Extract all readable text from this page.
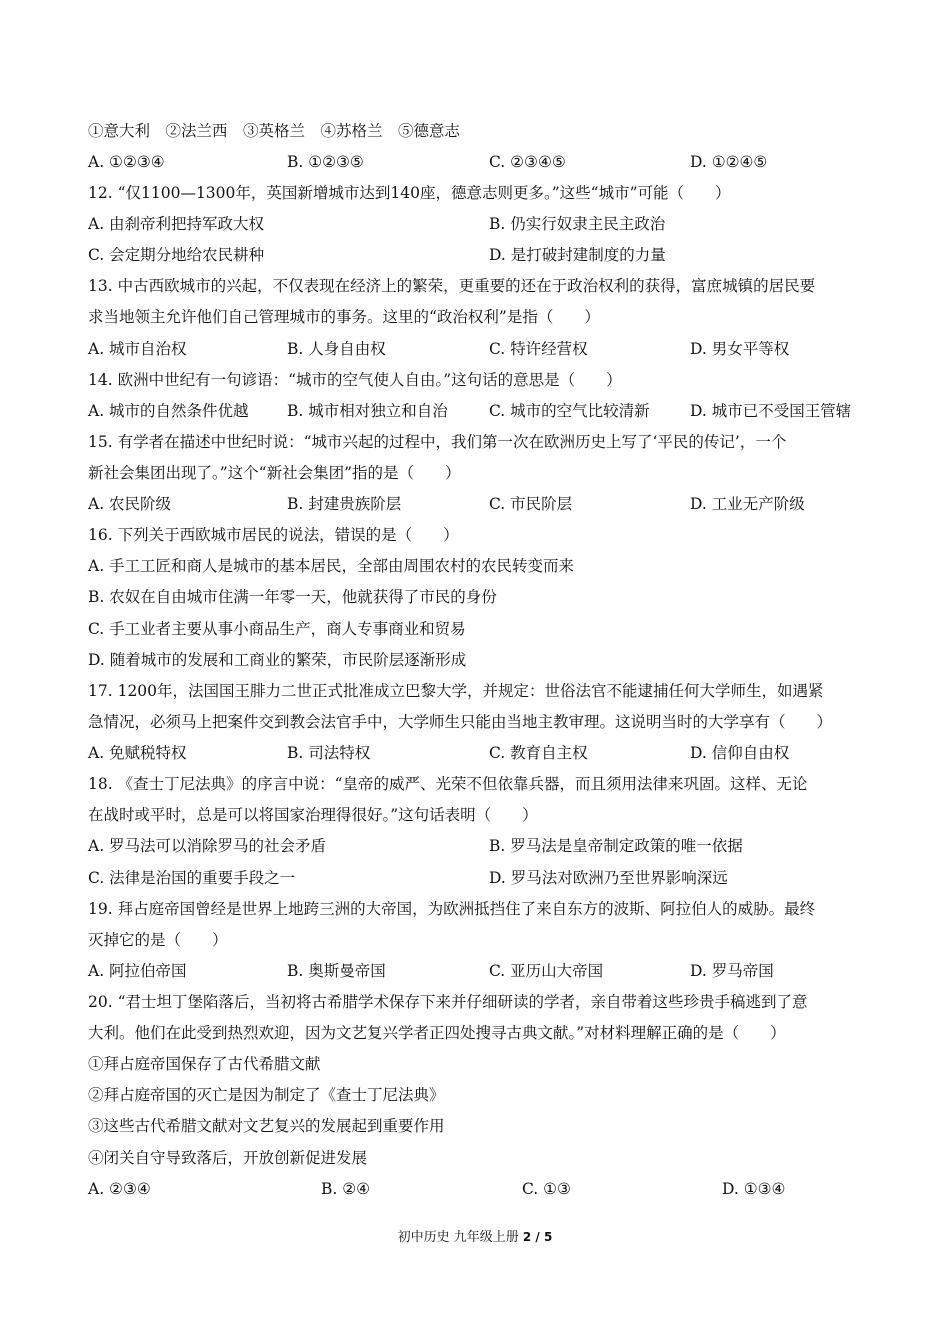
①意大利　②法兰西　③英格兰　④苏格兰　⑤德意志
A. ①②③④	B. ①②③⑤	C. ②③④⑤	D. ①②④⑤
12. “仅1100—1300年，英国新增城市达到140座，德意志则更多。”这些“城市”可能（　　）
A. 由刹帝利把持军政大权	B. 仍实行奴隶主民主政治
C. 会定期分地给农民耕种	D. 是打破封建制度的力量
13. 中古西欧城市的兴起，不仅表现在经济上的繁荣，更重要的还在于政治权利的获得，富庶城镇的居民要
求当地领主允许他们自己管理城市的事务。这里的“政治权利”是指（　　）
A. 城市自治权	B. 人身自由权	C. 特许经营权	D. 男女平等权
14. 欧洲中世纪有一句谚语：“城市的空气使人自由。”这句话的意思是（　　）
A. 城市的自然条件优越 B. 城市相对独立和自治	C. 城市的空气比较清新	D. 城市已不受国王管辖
15. 有学者在描述中世纪时说：“城市兴起的过程中，我们第一次在欧洲历史上写了‘平民的传记’，一个
新社会集团出现了。”这个“新社会集团”指的是（　　）
A. 农民阶级	B. 封建贵族阶层	C. 市民阶层	D. 工业无产阶级
16. 下列关于西欧城市居民的说法，错误的是（　　）
A. 手工工匠和商人是城市的基本居民，全部由周围农村的农民转变而来
B. 农奴在自由城市住满一年零一天，他就获得了市民的身份
C. 手工业者主要从事小商品生产，商人专事商业和贸易
D. 随着城市的发展和工商业的繁荣，市民阶层逐渐形成
17. 1200年，法国国王腓力二世正式批准成立巴黎大学，并规定：世俗法官不能逮捕任何大学师生，如遇紧
急情况，必须马上把案件交到教会法官手中，大学师生只能由当地主教审理。这说明当时的大学享有（　　）
A. 免赋税特权	B. 司法特权	C. 教育自主权	D. 信仰自由权
18. 《查士丁尼法典》的序言中说：“皇帝的威严、光荣不但依靠兵器，而且须用法律来巩固。这样、无论
在战时或平时，总是可以将国家治理得很好。”这句话表明（　　）
A. 罗马法可以消除罗马的社会矛盾	B. 罗马法是皇帝制定政策的唯一依据
C. 法律是治国的重要手段之一	D. 罗马法对欧洲乃至世界影响深远
19. 拜占庭帝国曾经是世界上地跨三洲的大帝国，为欧洲抵挡住了来自东方的波斯、阿拉伯人的威胁。最终
灭掉它的是（　　）
A. 阿拉伯帝国	B. 奥斯曼帝国	C. 亚历山大帝国	D. 罗马帝国
20. “君士坦丁堡陷落后，当初将古希腊学术保存下来并仔细研读的学者，亲自带着这些珍贵手稿逃到了意
大利。他们在此受到热烈欢迎，因为文艺复兴学者正四处搜寻古典文献。”对材料理解正确的是（　　）
①拜占庭帝国保存了古代希腊文献
②拜占庭帝国的灭亡是因为制定了《查士丁尼法典》
③这些古代希腊文献对文艺复兴的发展起到重要作用
④闭关自守导致落后，开放创新促进发展
A. ②③④	B. ②④	C. ①③	D. ①③④
初中历史 九年级上册 2 / 5
